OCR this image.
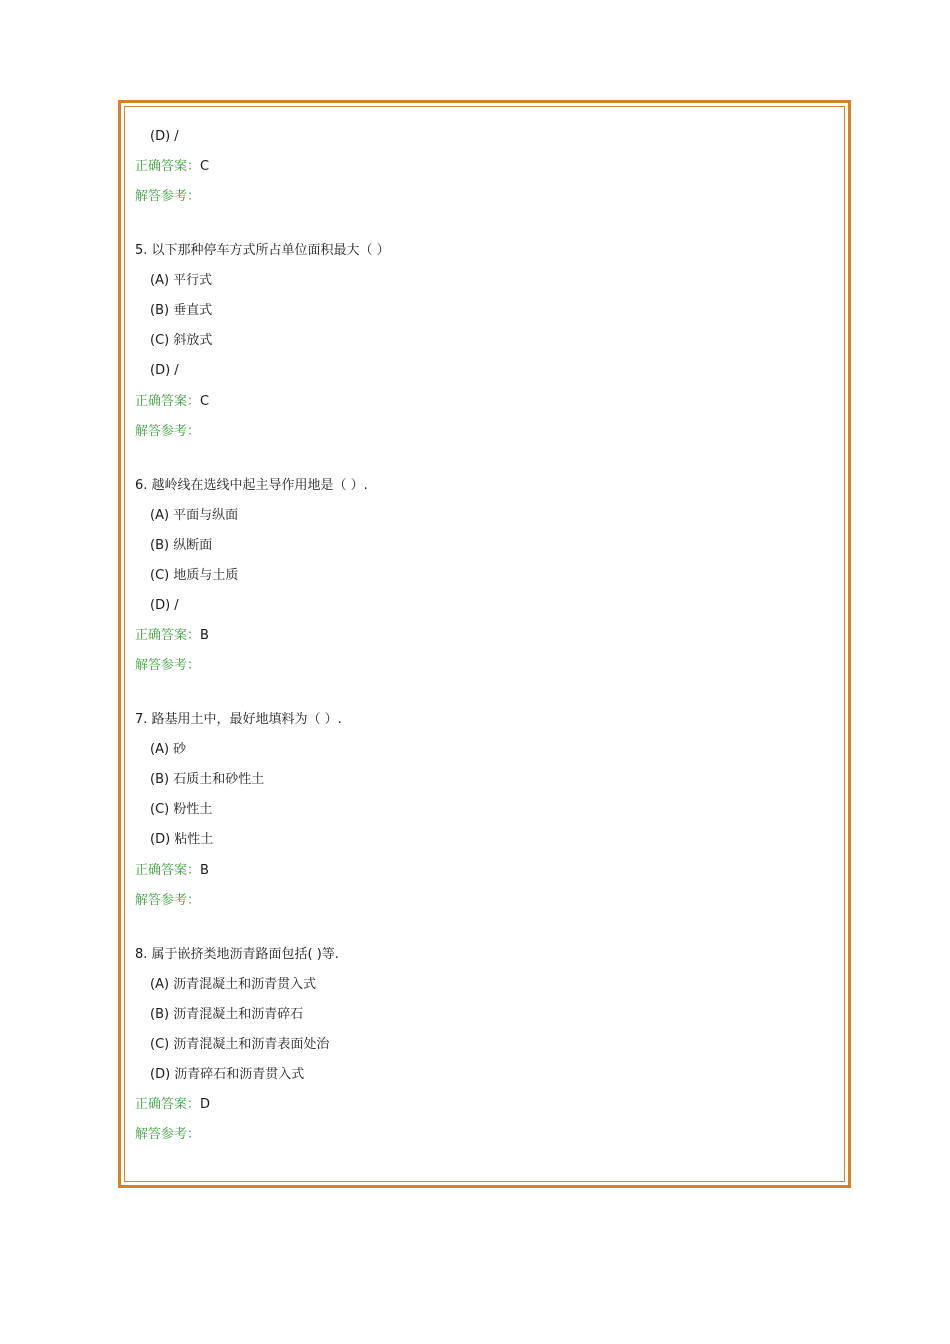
(D) /
正确答案：C
解答参考：
5. 以下那种停车方式所占单位面积最大（ ）
(A) 平行式
(B) 垂直式
(C) 斜放式
(D) /
正确答案：C
解答参考：
6. 越岭线在选线中起主导作用地是（ ）.
(A) 平面与纵面
(B) 纵断面
(C) 地质与土质
(D) /
正确答案：B
解答参考：
7. 路基用土中，最好地填料为（ ）.
(A) 砂
(B) 石质土和砂性土
(C) 粉性土
(D) 粘性土
正确答案：B
解答参考：
8. 属于嵌挤类地沥青路面包括( )等.
(A) 沥青混凝土和沥青贯入式
(B) 沥青混凝土和沥青碎石
(C) 沥青混凝土和沥青表面处治
(D) 沥青碎石和沥青贯入式
正确答案：D
解答参考：
